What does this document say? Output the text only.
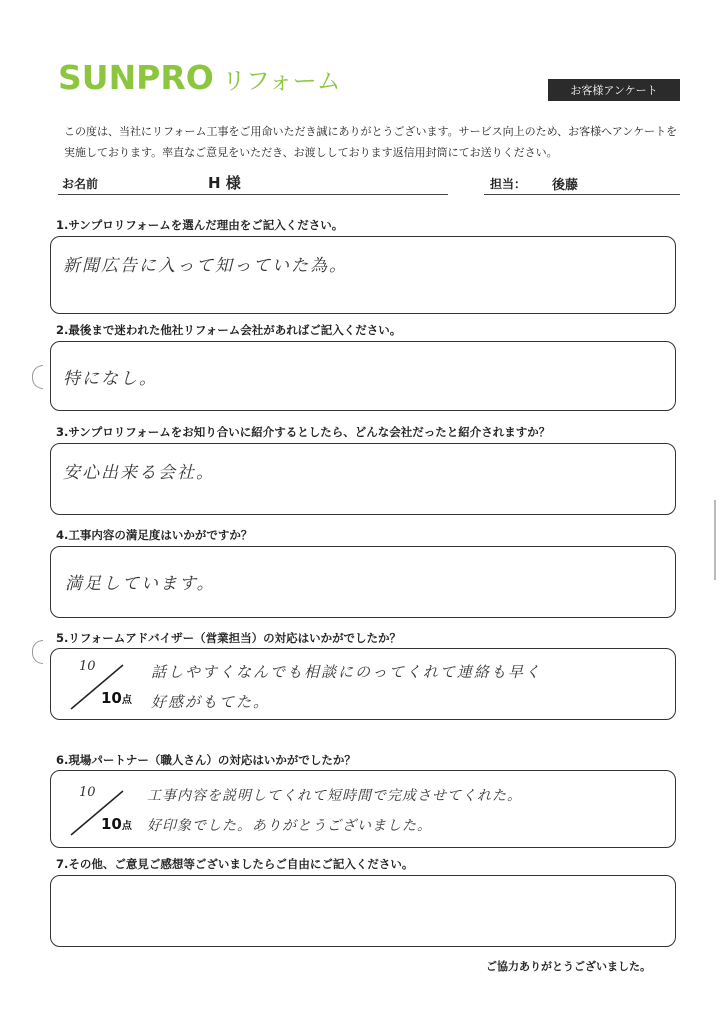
SUNPRO リフォーム	お客様アンケート
この度は、当社にリフォーム工事をご用命いただき誠にありがとうございます。サービス向上のため、お客様へアンケートを実施しております。率直なご意見をいただき、お渡ししております返信用封筒にてお送りください。
お名前	H 様	担当： 後藤
1.サンプロリフォームを選んだ理由をご記入ください。
新聞広告に入って知っていた為。
2.最後まで迷われた他社リフォーム会社があればご記入ください。
特になし。
3.サンプロリフォームをお知り合いに紹介するとしたら、どんな会社だったと紹介されますか？
安心出来る会社。
4.工事内容の満足度はいかがですか？
満足しています。
5.リフォームアドバイザー（営業担当）の対応はいかがでしたか？
10
10点
話しやすくなんでも相談にのってくれて連絡も早く
好感がもてた。
6.現場パートナー（職人さん）の対応はいかがでしたか？
10
10点
工事内容を説明してくれて短時間で完成させてくれた。
好印象でした。ありがとうございました。
7.その他、ご意見ご感想等ございましたらご自由にご記入ください。
ご協力ありがとうございました。
